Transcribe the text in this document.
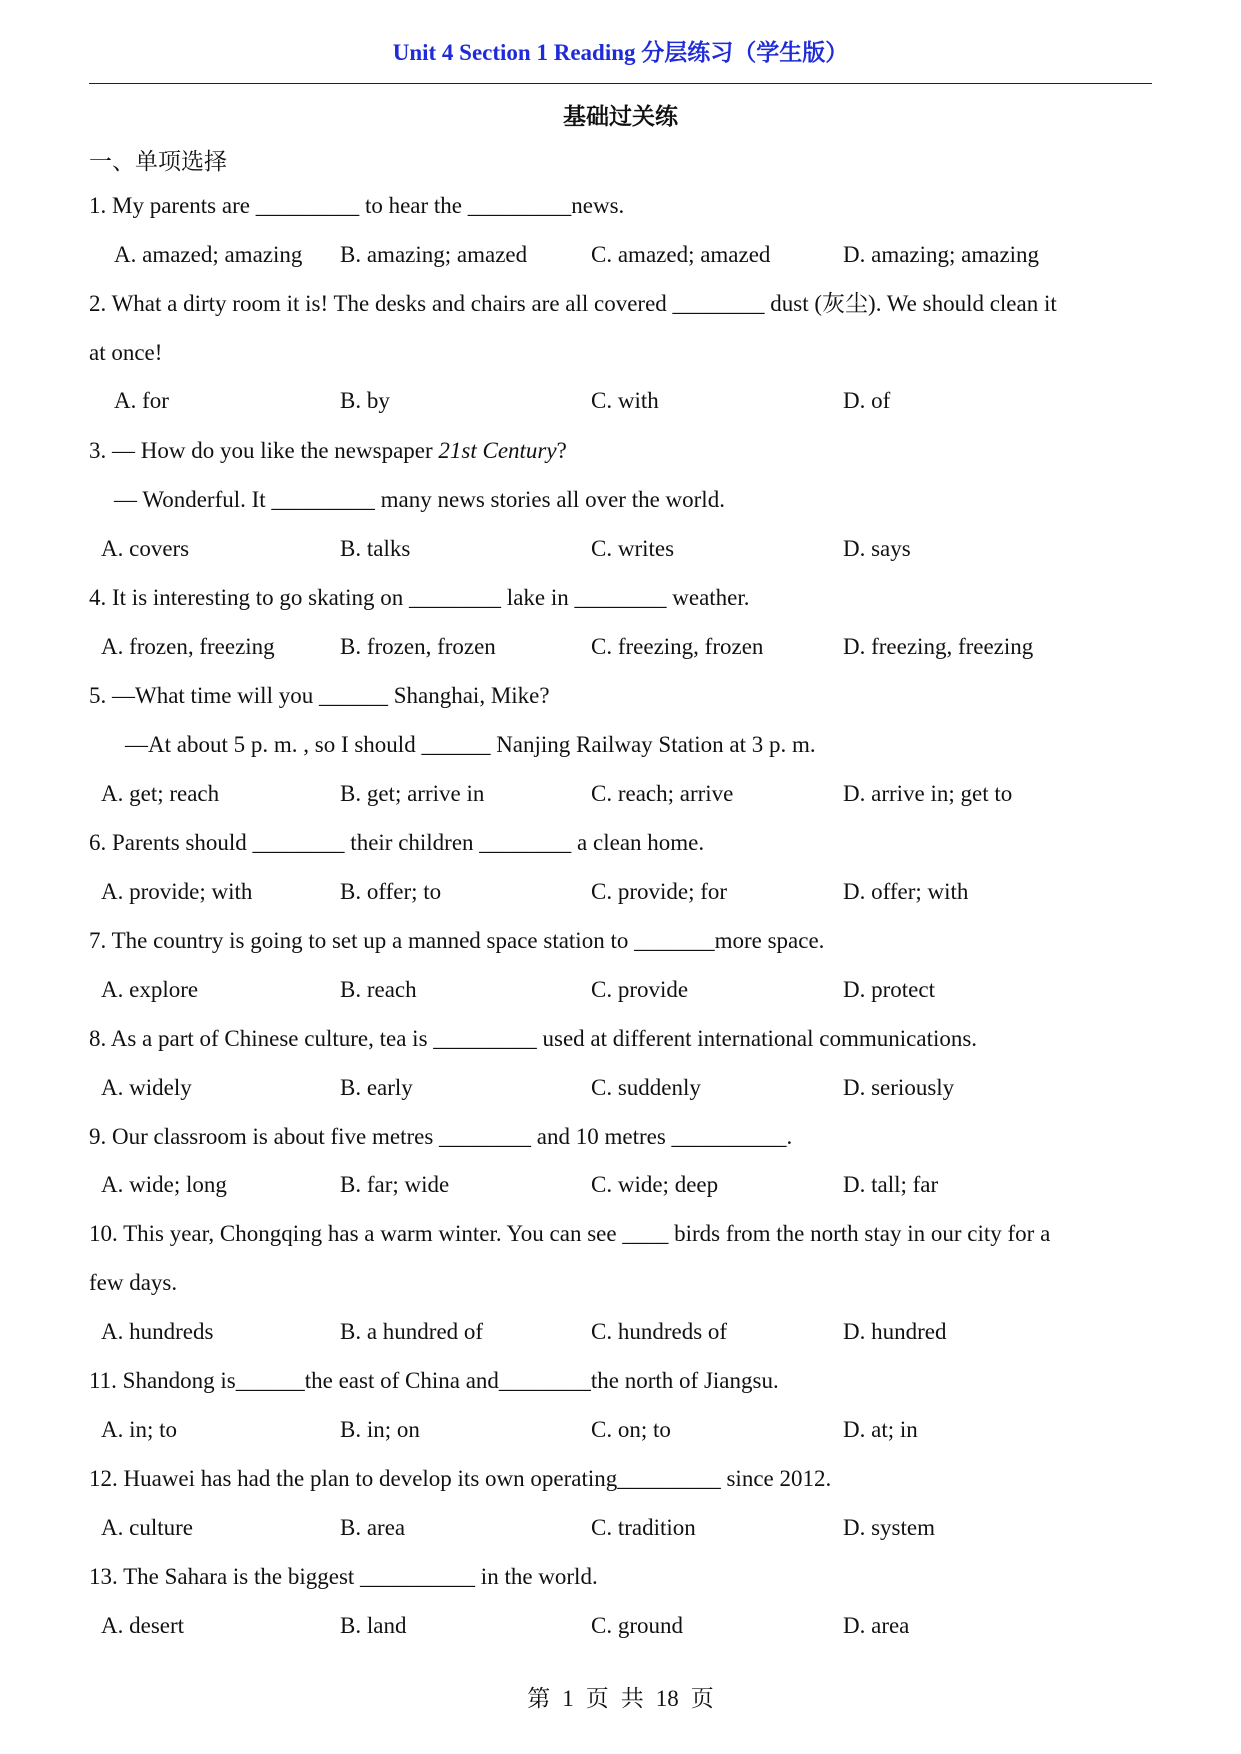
Unit 4 Section 1 Reading 分层练习（学生版）
基础过关练
一、单项选择
1. My parents are _________ to hear the _________news.
A. amazed; amazing B. amazing; amazed	C. amazed; amazed	D. amazing; amazing
2. What a dirty room it is! The desks and chairs are all covered ________ dust (灰尘). We should clean it
at once!
A. for	B. by	C. with	D. of
3. — How do you like the newspaper 21st Century?
— Wonderful. It _________ many news stories all over the world.
A. covers	B. talks	C. writes	D. says
4. It is interesting to go skating on ________ lake in ________ weather.
A. frozen, freezing	B. frozen, frozen	C. freezing, frozen	D. freezing, freezing
5. —What time will you ______ Shanghai, Mike?
—At about 5 p. m. , so I should ______ Nanjing Railway Station at 3 p. m.
A. get; reach	B. get; arrive in	C. reach; arrive	D. arrive in; get to
6. Parents should ________ their children ________ a clean home.
A. provide; with	B. offer; to	C. provide; for	D. offer; with
7. The country is going to set up a manned space station to _______more space.
A. explore	B. reach	C. provide	D. protect
8. As a part of Chinese culture, tea is _________ used at different international communications.
A. widely	B. early	C. suddenly	D. seriously
9. Our classroom is about five metres ________ and 10 metres __________.
A. wide; long	B. far; wide	C. wide; deep	D. tall; far
10. This year, Chongqing has a warm winter. You can see ____ birds from the north stay in our city for a
few days.
A. hundreds	B. a hundred of	C. hundreds of	D. hundred
11. Shandong is______the east of China and________the north of Jiangsu.
A. in; to	B. in; on	C. on; to	D. at; in
12. Huawei has had the plan to develop its own operating_________ since 2012.
A. culture	B. area	C. tradition	D. system
13. The Sahara is the biggest __________ in the world.
A. desert	B. land	C. ground	D. area
第 1 页 共 18 页
